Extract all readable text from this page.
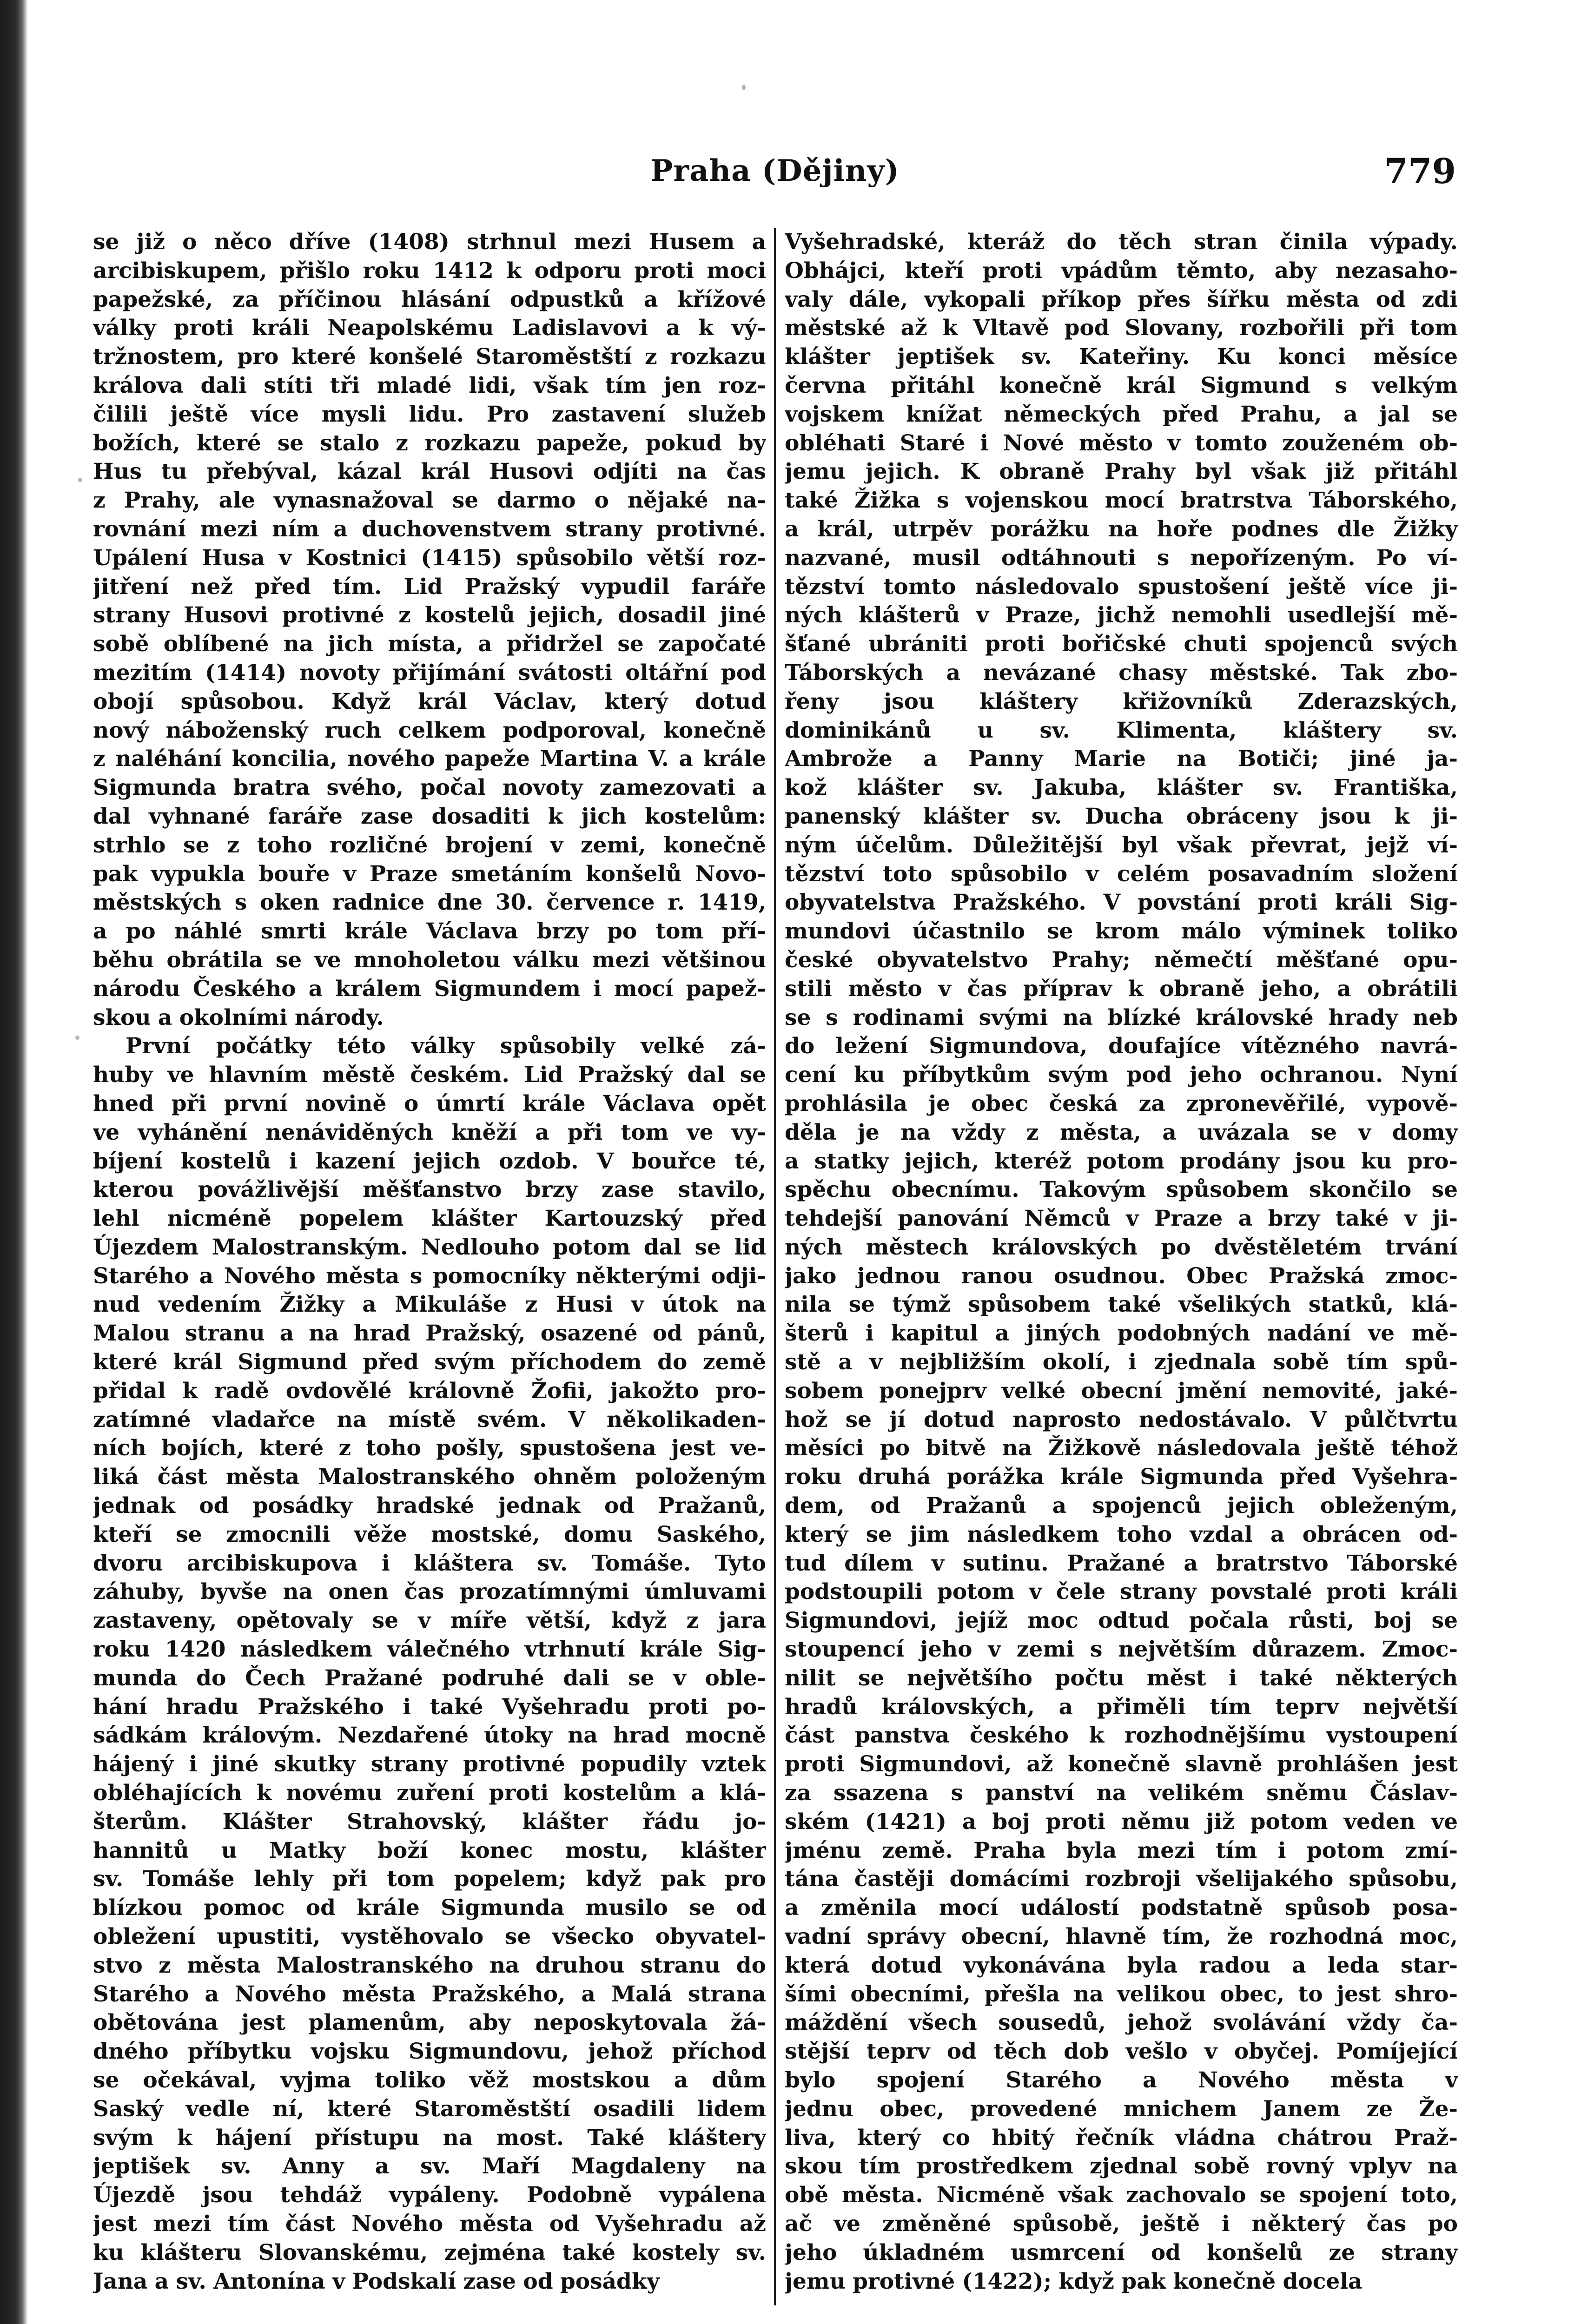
Praha (Dějiny)	779
se již o něco dříve (1408) strhnul mezi Husem a
arcibiskupem, přišlo roku 1412 k odporu proti moci
papežské, za příčinou hlásání odpustků a křížové
války proti králi Neapolskému Ladislavovi a k vý-
tržnostem, pro které konšelé Staroměstští z rozkazu
králova dali stíti tři mladé lidi, však tím jen roz-
čilili ještě více mysli lidu. Pro zastavení služeb
božích, které se stalo z rozkazu papeže, pokud by
Hus tu přebýval, kázal král Husovi odjíti na čas
z Prahy, ale vynasnažoval se darmo o nějaké na-
rovnání mezi ním a duchovenstvem strany protivné.
Upálení Husa v Kostnici (1415) spůsobilo větší roz-
jitření než před tím. Lid Pražský vypudil faráře
strany Husovi protivné z kostelů jejich, dosadil jiné
sobě oblíbené na jich místa, a přidržel se započaté
mezitím (1414) novoty přijímání svátosti oltářní pod
obojí spůsobou. Když král Václav, který dotud
nový náboženský ruch celkem podporoval, konečně
z naléhání koncilia, nového papeže Martina V. a krále
Sigmunda bratra svého, počal novoty zamezovati a
dal vyhnané faráře zase dosaditi k jich kostelům:
strhlo se z toho rozličné brojení v zemi, konečně
pak vypukla bouře v Praze smetáním konšelů Novo-
městských s oken radnice dne 30. července r. 1419,
a po náhlé smrti krále Václava brzy po tom pří-
běhu obrátila se ve mnoholetou válku mezi většinou
národu Českého a králem Sigmundem i mocí papež-
skou a okolními národy.
První počátky této války spůsobily velké zá-
huby ve hlavním městě českém. Lid Pražský dal se
hned při první novině o úmrtí krále Václava opět
ve vyhánění nenáviděných kněží a při tom ve vy-
bíjení kostelů i kazení jejich ozdob. V bouřce té,
kterou povážlivější měšťanstvo brzy zase stavilo,
lehl nicméně popelem klášter Kartouzský před
Újezdem Malostranským. Nedlouho potom dal se lid
Starého a Nového města s pomocníky některými odji-
nud vedením Žižky a Mikuláše z Husi v útok na
Malou stranu a na hrad Pražský, osazené od pánů,
které král Sigmund před svým příchodem do země
přidal k radě ovdovělé královně Žofii, jakožto pro-
zatímné vladařce na místě svém. V několikaden-
ních bojích, které z toho pošly, spustošena jest ve-
liká část města Malostranského ohněm položeným
jednak od posádky hradské jednak od Pražanů,
kteří se zmocnili věže mostské, domu Saského,
dvoru arcibiskupova i kláštera sv. Tomáše. Tyto
záhuby, byvše na onen čas prozatímnými úmluvami
zastaveny, opětovaly se v míře větší, když z jara
roku 1420 následkem válečného vtrhnutí krále Sig-
munda do Čech Pražané podruhé dali se v oble-
hání hradu Pražského i také Vyšehradu proti po-
sádkám královým. Nezdařené útoky na hrad mocně
hájený i jiné skutky strany protivné popudily vztek
obléhajících k novému zuření proti kostelům a klá-
šterům. Klášter Strahovský, klášter řádu jo-
hannitů u Matky boží konec mostu, klášter
sv. Tomáše lehly při tom popelem; když pak pro
blízkou pomoc od krále Sigmunda musilo se od
obležení upustiti, vystěhovalo se všecko obyvatel-
stvo z města Malostranského na druhou stranu do
Starého a Nového města Pražského, a Malá strana
obětována jest plamenům, aby neposkytovala žá-
dného příbytku vojsku Sigmundovu, jehož příchod
se očekával, vyjma toliko věž mostskou a dům
Saský vedle ní, které Staroměstští osadili lidem
svým k hájení přístupu na most. Také kláštery
jeptišek sv. Anny a sv. Maří Magdaleny na
Újezdě jsou tehdáž vypáleny. Podobně vypálena
jest mezi tím část Nového města od Vyšehradu až
ku klášteru Slovanskému, zejména také kostely sv.
Jana a sv. Antonína v Podskalí zase od posádky
Vyšehradské, kteráž do těch stran činila výpady.
Obhájci, kteří proti vpádům těmto, aby nezasaho-
valy dále, vykopali příkop přes šířku města od zdi
městské až k Vltavě pod Slovany, rozbořili při tom
klášter jeptišek sv. Kateřiny. Ku konci měsíce
června přitáhl konečně král Sigmund s velkým
vojskem knížat německých před Prahu, a jal se
obléhati Staré i Nové město v tomto zouženém ob-
jemu jejich. K obraně Prahy byl však již přitáhl
také Žižka s vojenskou mocí bratrstva Táborského,
a král, utrpěv porážku na hoře podnes dle Žižky
nazvané, musil odtáhnouti s nepořízeným. Po ví-
tězství tomto následovalo spustošení ještě více ji-
ných klášterů v Praze, jichž nemohli usedlejší mě-
šťané ubrániti proti bořičské chuti spojenců svých
Táborských a nevázané chasy městské. Tak zbo-
řeny jsou kláštery křižovníků Zderazských,
dominikánů u sv. Klimenta, kláštery sv.
Ambrože a Panny Marie na Botiči; jiné ja-
kož klášter sv. Jakuba, klášter sv. Františka,
panenský klášter sv. Ducha obráceny jsou k ji-
ným účelům. Důležitější byl však převrat, jejž ví-
tězství toto spůsobilo v celém posavadním složení
obyvatelstva Pražského. V povstání proti králi Sig-
mundovi účastnilo se krom málo výminek toliko
české obyvatelstvo Prahy; němečtí měšťané opu-
stili město v čas příprav k obraně jeho, a obrátili
se s rodinami svými na blízké královské hrady neb
do ležení Sigmundova, doufajíce vítězného navrá-
cení ku příbytkům svým pod jeho ochranou. Nyní
prohlásila je obec česká za zpronevěřilé, vypově-
děla je na vždy z města, a uvázala se v domy
a statky jejich, kteréž potom prodány jsou ku pro-
spěchu obecnímu. Takovým spůsobem skončilo se
tehdejší panování Němců v Praze a brzy také v ji-
ných městech královských po dvěstěletém trvání
jako jednou ranou osudnou. Obec Pražská zmoc-
nila se týmž spůsobem také všelikých statků, klá-
šterů i kapitul a jiných podobných nadání ve mě-
stě a v nejbližším okolí, i zjednala sobě tím spů-
sobem ponejprv velké obecní jmění nemovité, jaké-
hož se jí dotud naprosto nedostávalo. V půlčtvrtu
měsíci po bitvě na Žižkově následovala ještě téhož
roku druhá porážka krále Sigmunda před Vyšehra-
dem, od Pražanů a spojenců jejich obleženým,
který se jim následkem toho vzdal a obrácen od-
tud dílem v sutinu. Pražané a bratrstvo Táborské
podstoupili potom v čele strany povstalé proti králi
Sigmundovi, jejíž moc odtud počala růsti, boj se
stoupencí jeho v zemi s největším důrazem. Zmoc-
nilit se největšího počtu měst i také některých
hradů královských, a přiměli tím teprv největší
část panstva českého k rozhodnějšímu vystoupení
proti Sigmundovi, až konečně slavně prohlášen jest
za ssazena s panství na velikém sněmu Čáslav-
ském (1421) a boj proti němu již potom veden ve
jménu země. Praha byla mezi tím i potom zmí-
tána častěji domácími rozbroji všelijakého spůsobu,
a změnila mocí událostí podstatně spůsob posa-
vadní správy obecní, hlavně tím, že rozhodná moc,
která dotud vykonávána byla radou a leda star-
šími obecními, přešla na velikou obec, to jest shro-
máždění všech sousedů, jehož svolávání vždy ča-
stější teprv od těch dob vešlo v obyčej. Pomíjející
bylo spojení Starého a Nového města v
jednu obec, provedené mnichem Janem ze Že-
liva, který co hbitý řečník vládna chátrou Praž-
skou tím prostředkem zjednal sobě rovný vplyv na
obě města. Nicméně však zachovalo se spojení toto,
ač ve změněné spůsobě, ještě i některý čas po
jeho úkladném usmrcení od konšelů ze strany
jemu protivné (1422); když pak konečně docela
